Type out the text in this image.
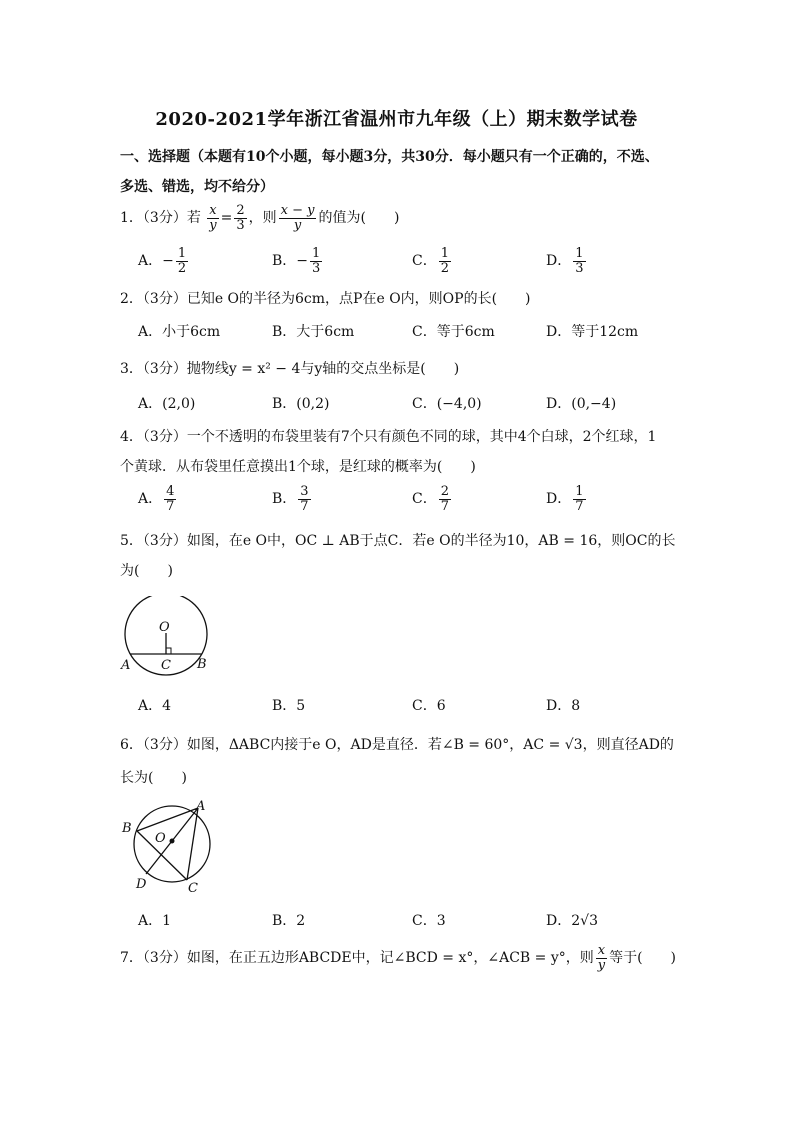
2020-2021学年浙江省温州市九年级（上）期末数学试卷
一、选择题（本题有10个小题，每小题3分，共30分．每小题只有一个正确的，不选、
多选、错选，均不给分）
1．（3分）若 $\frac{x}{y} = \frac{2}{3}$ ，则 $\frac{x - y}{y}$ 的值为(　　)
A．− $\frac{1}{2}$	B．− $\frac{1}{3}$	C． $\frac{1}{2}$	D． $\frac{1}{3}$
2．（3分）已知e O的半径为6cm，点P在e O内，则OP的长(　　)
A．小于6cm	B．大于6cm	C．等于6cm	D．等于12cm
3．（3分）抛物线y = x² − 4与y轴的交点坐标是(　　)
A．(2,0)	B．(0,2)	C．(−4,0)	D．(0,−4)
4．（3分）一个不透明的布袋里装有7个只有颜色不同的球，其中4个白球，2个红球，1
个黄球．从布袋里任意摸出1个球，是红球的概率为(　　)
A． $\frac{4}{7}$	B． $\frac{3}{7}$	C． $\frac{2}{7}$	D． $\frac{1}{7}$
5．（3分）如图，在e O中，OC ⊥ AB于点C．若e O的半径为10，AB = 16，则OC的长
为(　　)
O
A C B
A．4	B．5	C．6	D．8
6．（3分）如图，ΔABC内接于e O，AD是直径．若∠B = 60°，AC = √3，则直径AD的
长为(　　)
O
A
B
C
D
A．1	B．2	C．3	D．2√3
7．（3分）如图，在正五边形ABCDE中，记∠BCD = x°，∠ACB = y°，则 $\frac{x}{y}$ 等于(　　)
